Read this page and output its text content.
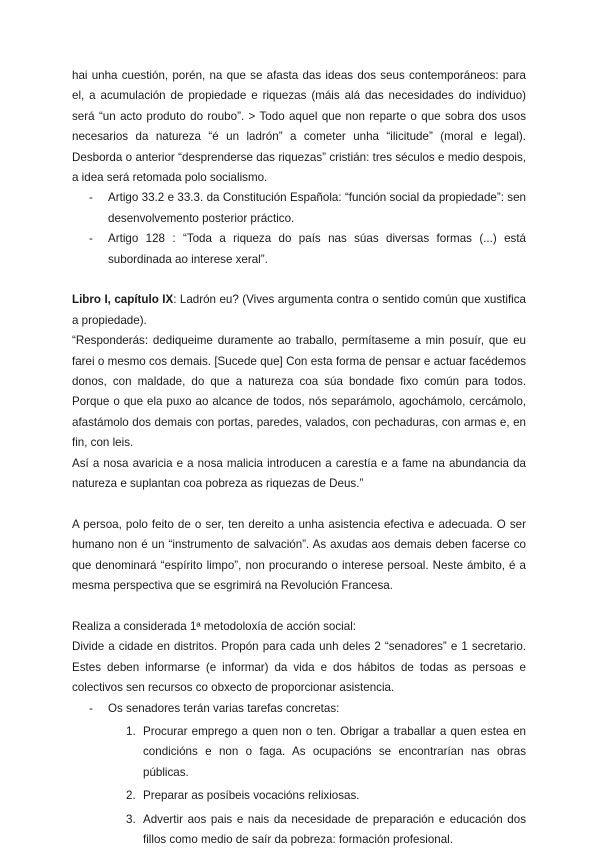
hai unha cuestión, porén, na que se afasta das ideas dos seus contemporáneos: para el, a acumulación de propiedade e riquezas (máis alá das necesidades do individuo) será “un acto produto do roubo”. > Todo aquel que non reparte o que sobra dos usos necesarios da natureza “é un ladrón” a cometer unha “ilicitude” (moral e legal). Desborda o anterior “desprenderse das riquezas” cristián: tres séculos e medio despois, a idea será retomada polo socialismo.

- Artigo 33.2 e 33.3. da Constitución Española: “función social da propiedade”: sen desenvolvemento posterior práctico.
- Artigo 128 : “Toda a riqueza do país nas súas diversas formas (...) está subordinada ao interese xeral”.

Libro I, capítulo IX: Ladrón eu? (Vives argumenta contra o sentido común que xustifica a propiedade).

“Responderás: dediqueime duramente ao traballo, permítaseme a min posuír, que eu farei o mesmo cos demais. [Sucede que] Con esta forma de pensar e actuar facédemos donos, con maldade, do que a natureza coa súa bondade fixo común para todos. Porque o que ela puxo ao alcance de todos, nós separámolo, agochámolo, cercámolo, afastámolo dos demais con portas, paredes, valados, con pechaduras, con armas e, en fin, con leis.

Así a nosa avaricia e a nosa malicia introducen a carestía e a fame na abundancia da natureza e suplantan coa pobreza as riquezas de Deus.”

A persoa, polo feito de o ser, ten dereito a unha asistencia efectiva e adecuada. O ser humano non é un “instrumento de salvación”. As axudas aos demais deben facerse co que denominará “espírito limpo”, non procurando o interese persoal. Neste ámbito, é a mesma perspectiva que se esgrimirá na Revolución Francesa.

Realiza a considerada 1ª metodoloxía de acción social:

Divide a cidade en distritos. Propón para cada unh deles 2 “senadores” e 1 secretario. Estes deben informarse (e informar) da vida e dos hábitos de todas as persoas e colectivos sen recursos co obxecto de proporcionar asistencia.

- Os senadores terán varias tarefas concretas:
1. Procurar emprego a quen non o ten. Obrigar a traballar a quen estea en condicións e non o faga. As ocupacións se encontrarían nas obras públicas.
2. Preparar as posíbeis vocacións relixiosas.
3. Advertir aos pais e nais da necesidade de preparación e educación dos fillos como medio de saír da pobreza: formación profesional.
